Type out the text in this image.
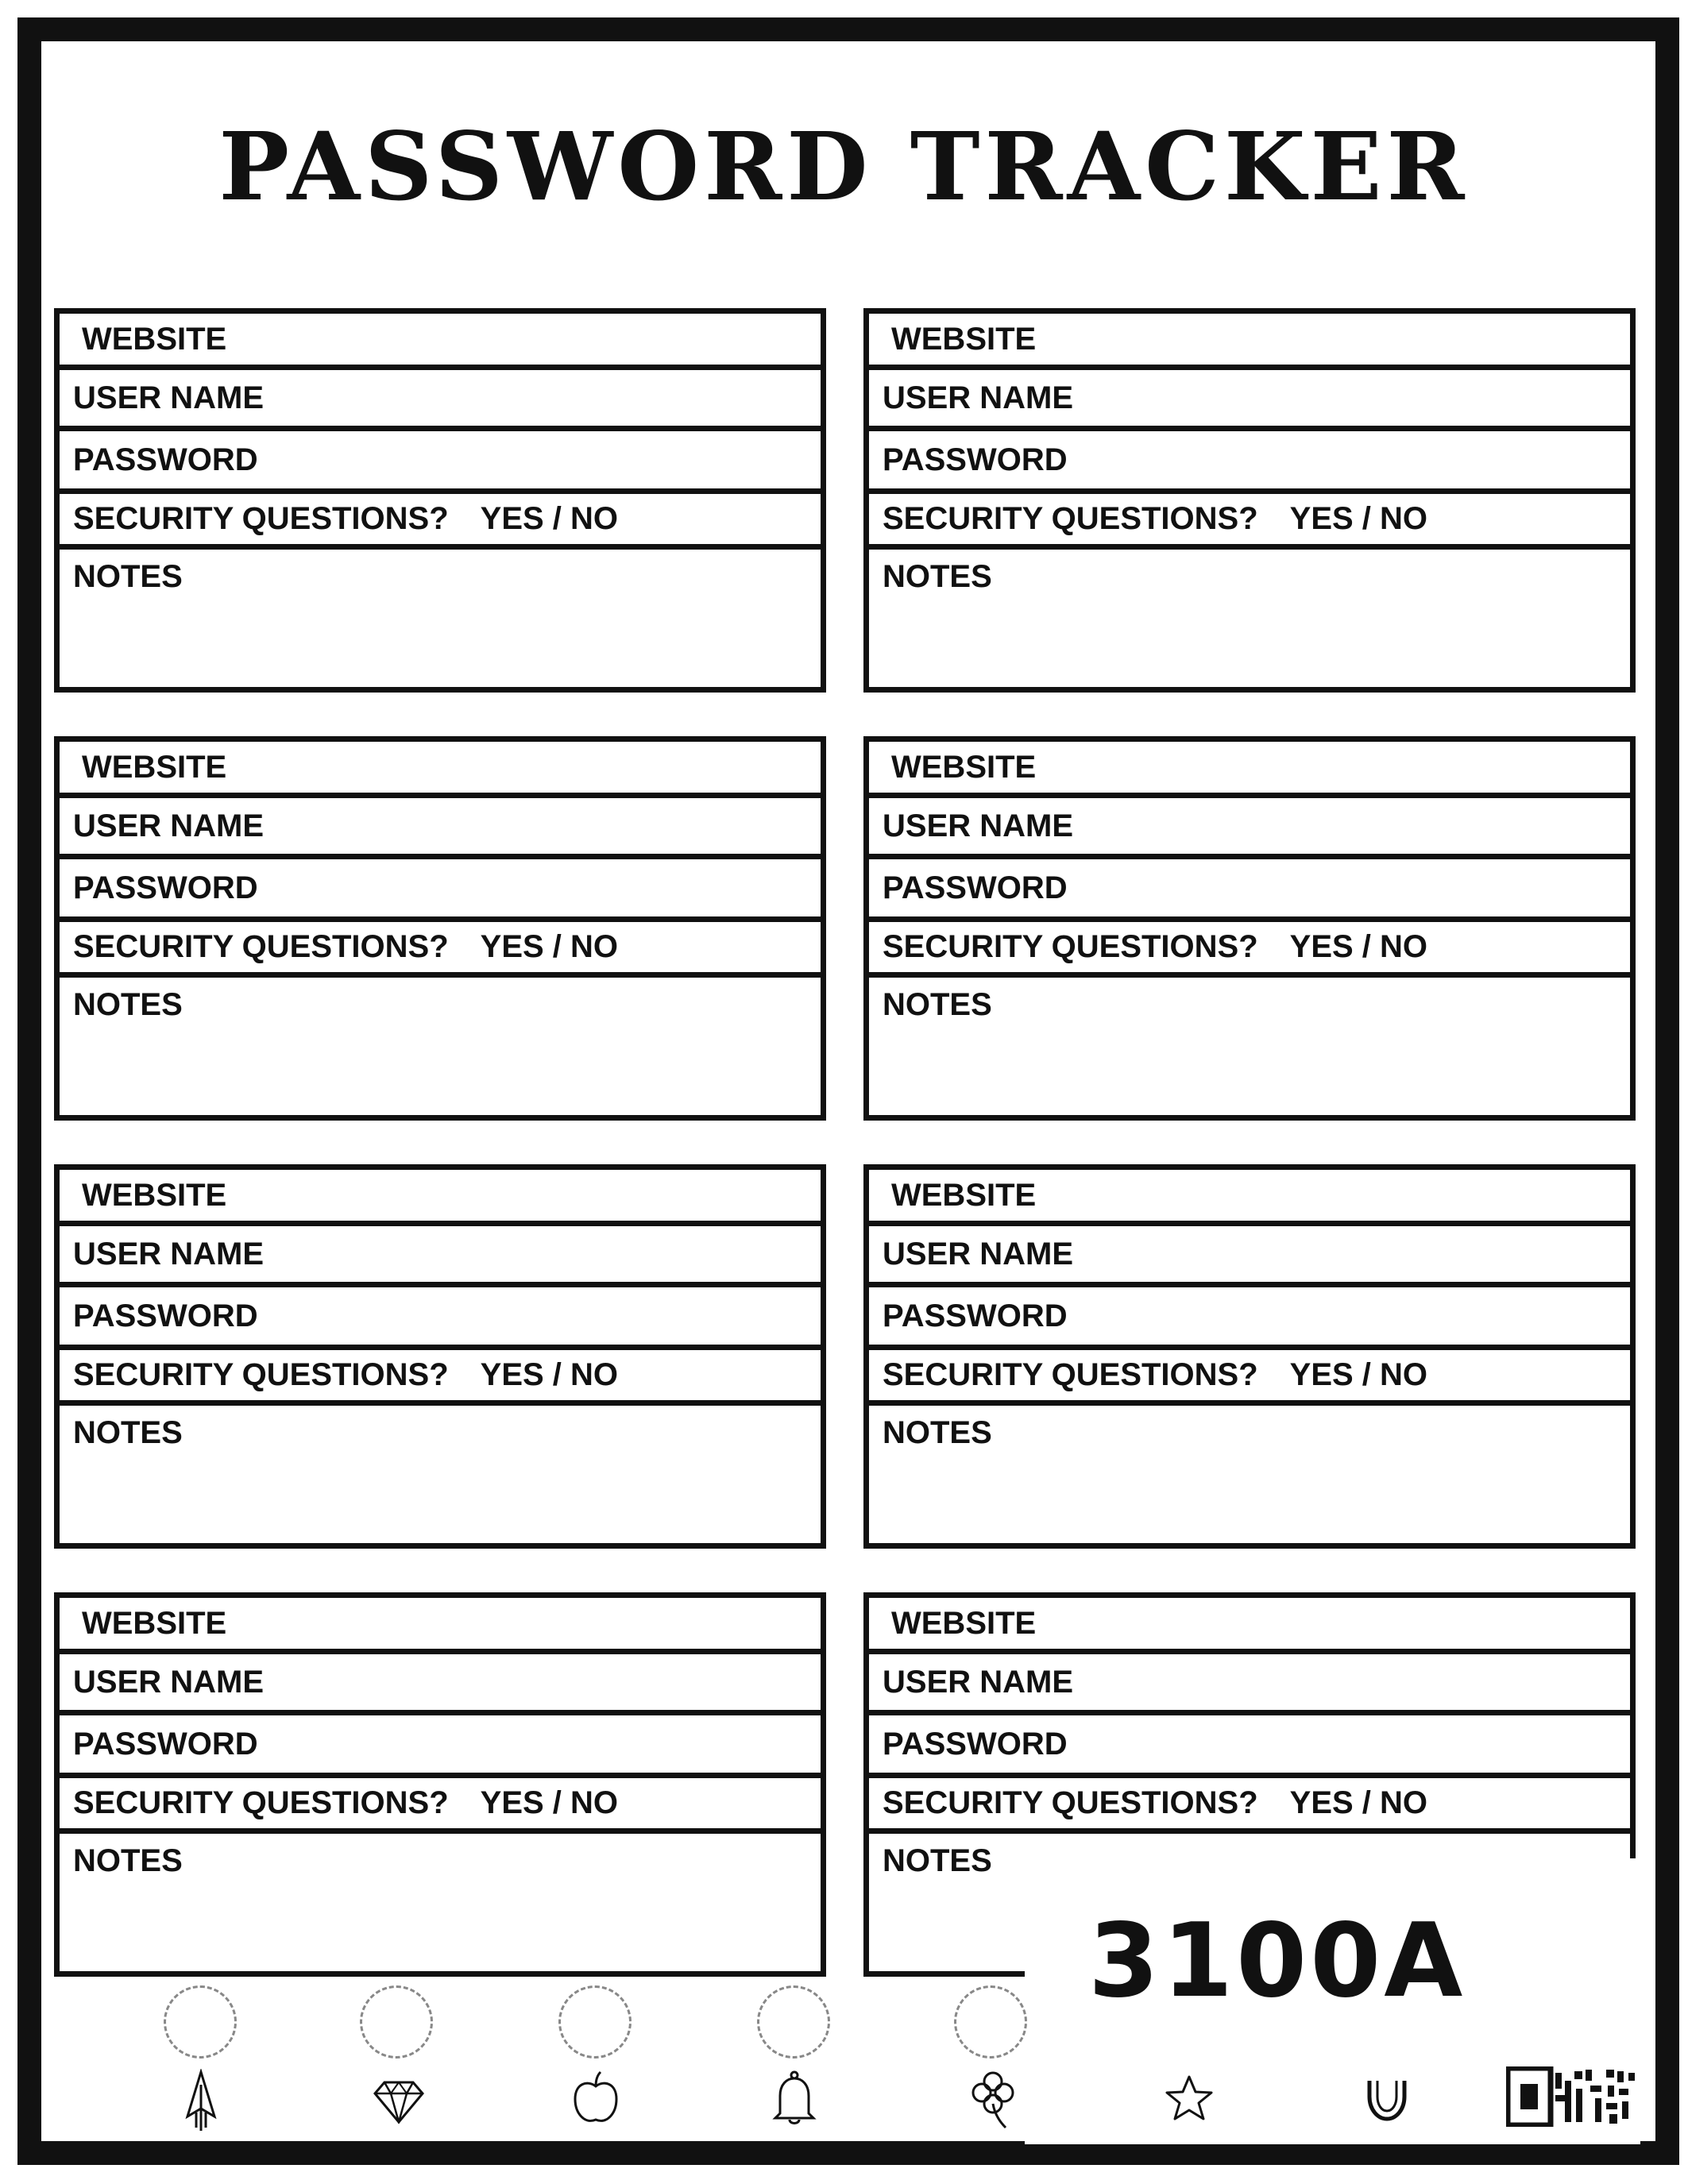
PASSWORD TRACKER
WEBSITE
USER NAME
PASSWORD
SECURITY QUESTIONS? YES / NO
NOTES
WEBSITE
USER NAME
PASSWORD
SECURITY QUESTIONS? YES / NO
NOTES
WEBSITE
USER NAME
PASSWORD
SECURITY QUESTIONS? YES / NO
NOTES
WEBSITE
USER NAME
PASSWORD
SECURITY QUESTIONS? YES / NO
NOTES
WEBSITE
USER NAME
PASSWORD
SECURITY QUESTIONS? YES / NO
NOTES
WEBSITE
USER NAME
PASSWORD
SECURITY QUESTIONS? YES / NO
NOTES
WEBSITE
USER NAME
PASSWORD
SECURITY QUESTIONS? YES / NO
NOTES
WEBSITE
USER NAME
PASSWORD
SECURITY QUESTIONS? YES / NO
NOTES
3100A
